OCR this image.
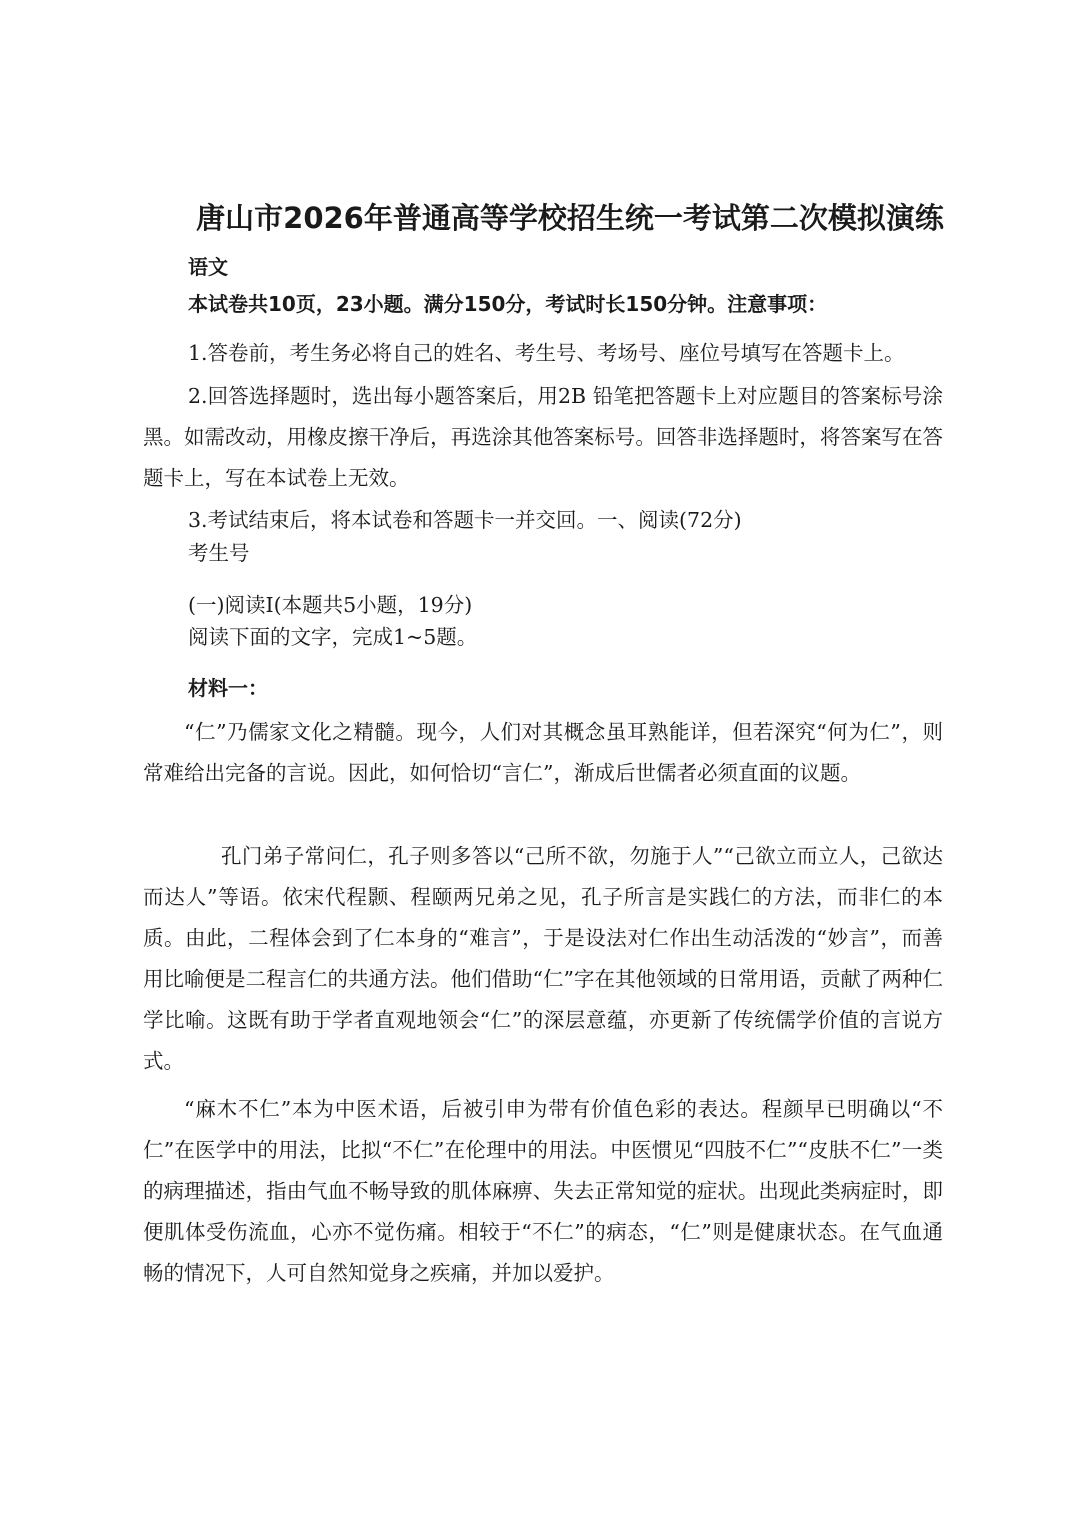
唐山市2026年普通高等学校招生统一考试第二次模拟演练
语文
本试卷共10页，23小题。满分150分，考试时长150分钟。注意事项：
1.答卷前，考生务必将自己的姓名、考生号、考场号、座位号填写在答题卡上。
2.回答选择题时，选出每小题答案后，用2B 铅笔把答题卡上对应题目的答案标号涂黑。如需改动，用橡皮擦干净后，再选涂其他答案标号。回答非选择题时，将答案写在答题卡上，写在本试卷上无效。
3.考试结束后，将本试卷和答题卡一并交回。一、阅读(72分)
考生号
(一)阅读I(本题共5小题，19分)
阅读下面的文字，完成1~5题。
材料一：
“仁”乃儒家文化之精髓。现今，人们对其概念虽耳熟能详，但若深究“何为仁”，则常难给出完备的言说。因此，如何恰切“言仁”，渐成后世儒者必须直面的议题。
孔门弟子常问仁，孔子则多答以“己所不欲，勿施于人”“己欲立而立人，己欲达而达人”等语。依宋代程颢、程颐两兄弟之见，孔子所言是实践仁的方法，而非仁的本质。由此，二程体会到了仁本身的“难言”，于是设法对仁作出生动活泼的“妙言”，而善用比喻便是二程言仁的共通方法。他们借助“仁”字在其他领域的日常用语，贡献了两种仁学比喻。这既有助于学者直观地领会“仁”的深层意蕴，亦更新了传统儒学价值的言说方式。
“麻木不仁”本为中医术语，后被引申为带有价值色彩的表达。程颜早已明确以“不仁”在医学中的用法，比拟“不仁”在伦理中的用法。中医惯见“四肢不仁”“皮肤不仁”一类的病理描述，指由气血不畅导致的肌体麻痹、失去正常知觉的症状。出现此类病症时，即便肌体受伤流血，心亦不觉伤痛。相较于“不仁”的病态，“仁”则是健康状态。在气血通畅的情况下，人可自然知觉身之疾痛，并加以爱护。
